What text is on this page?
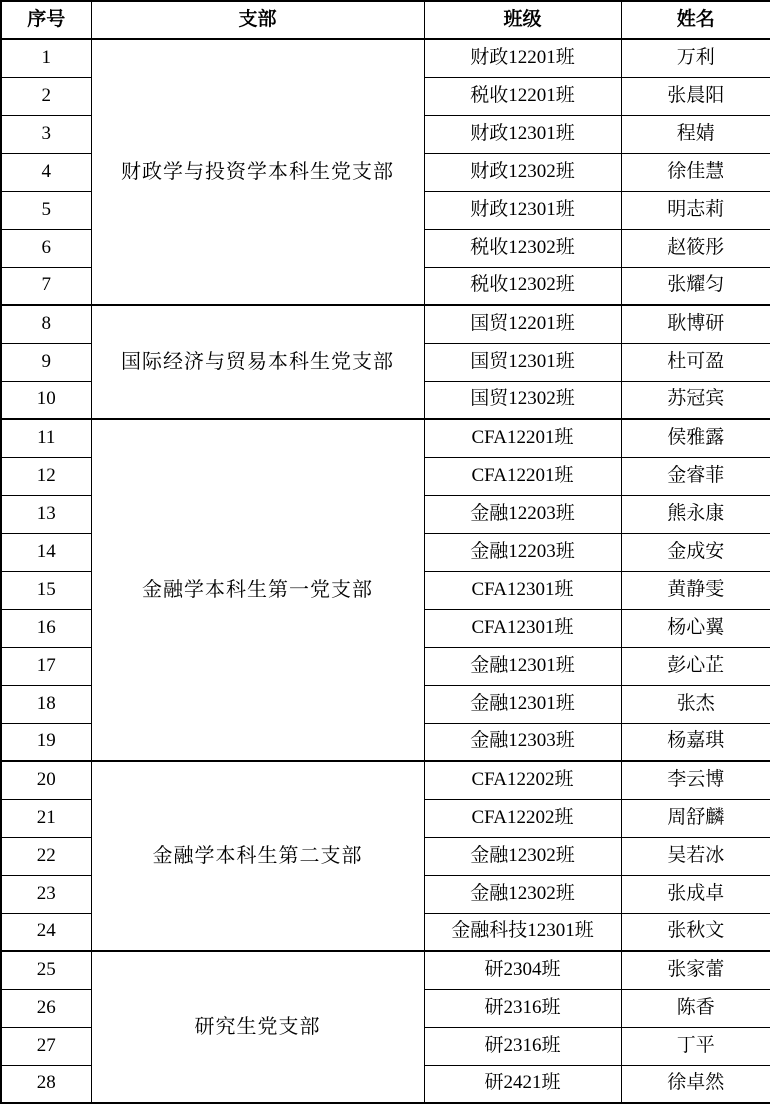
序号	支部	班级	姓名
1	财政学与投资学本科生党支部	财政12201班	万利
2		税收12201班	张晨阳
3		财政12301班	程婧
4		财政12302班	徐佳慧
5		财政12301班	明志莉
6		税收12302班	赵筱彤
7		税收12302班	张耀匀
8	国际经济与贸易本科生党支部	国贸12201班	耿博研
9		国贸12301班	杜可盈
10		国贸12302班	苏冠宾
11	金融学本科生第一党支部	CFA12201班	侯雅露
12		CFA12201班	金睿菲
13		金融12203班	熊永康
14		金融12203班	金成安
15		CFA12301班	黄静雯
16		CFA12301班	杨心翼
17		金融12301班	彭心芷
18		金融12301班	张杰
19		金融12303班	杨嘉琪
20	金融学本科生第二支部	CFA12202班	李云博
21		CFA12202班	周舒麟
22		金融12302班	吴若冰
23		金融12302班	张成卓
24		金融科技12301班	张秋文
25	研究生党支部	研2304班	张家蕾
26		研2316班	陈香
27		研2316班	丁平
28		研2421班	徐卓然
